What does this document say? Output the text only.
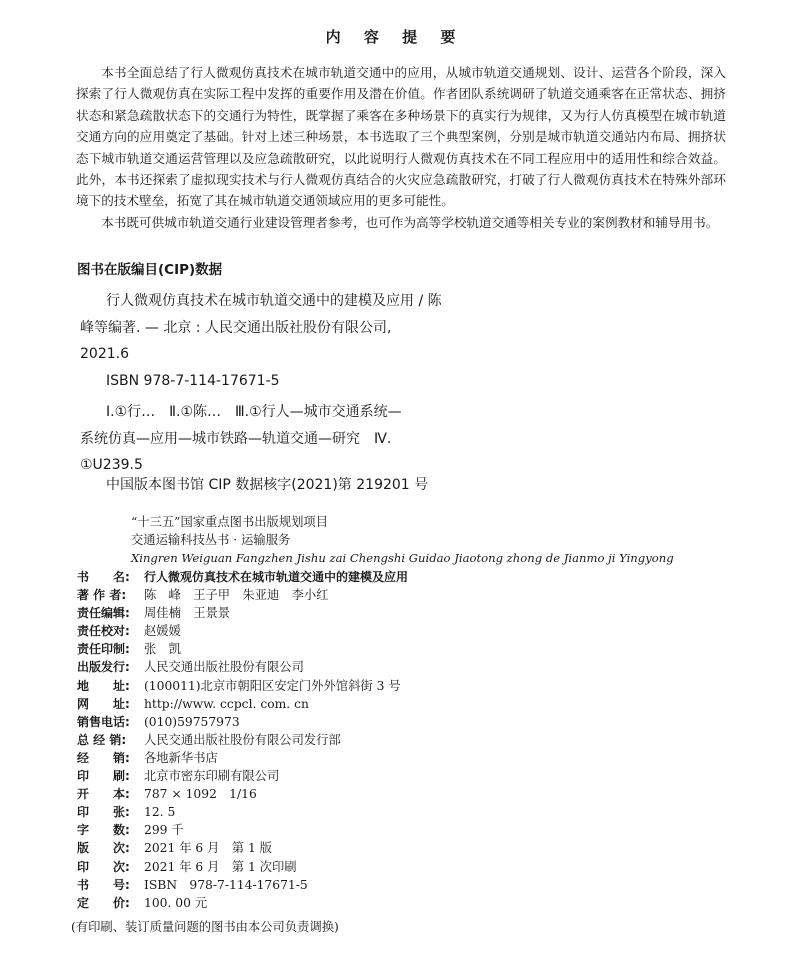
内 容 提 要

本书全面总结了行人微观仿真技术在城市轨道交通中的应用，从城市轨道交通规划、设计、运营各个阶段，深入探索了行人微观仿真在实际工程中发挥的重要作用及潜在价值。作者团队系统调研了轨道交通乘客在正常状态、拥挤状态和紧急疏散状态下的交通行为特性，既掌握了乘客在多种场景下的真实行为规律，又为行人仿真模型在城市轨道交通方向的应用奠定了基础。针对上述三种场景，本书选取了三个典型案例，分别是城市轨道交通站内布局、拥挤状态下城市轨道交通运营管理以及应急疏散研究，以此说明行人微观仿真技术在不同工程应用中的适用性和综合效益。此外，本书还探索了虚拟现实技术与行人微观仿真结合的火灾应急疏散研究，打破了行人微观仿真技术在特殊外部环境下的技术壁垒，拓宽了其在城市轨道交通领域应用的更多可能性。

本书既可供城市轨道交通行业建设管理者参考，也可作为高等学校轨道交通等相关专业的案例教材和辅导用书。

图书在版编目(CIP)数据
行人微观仿真技术在城市轨道交通中的建模及应用 / 陈
峰等编著. — 北京 : 人民交通出版社股份有限公司,
2021.6
ISBN 978-7-114-17671-5
Ⅰ.①行…　Ⅱ.①陈…　Ⅲ.①行人—城市交通系统—
系统仿真—应用—城市铁路—轨道交通—研究　Ⅳ.
①U239.5
中国版本图书馆 CIP 数据核字(2021)第 219201 号
“十三五”国家重点图书出版规划项目
交通运输科技丛书 · 运输服务
Xingren Weiguan Fangzhen Jishu zai Chengshi Guidao Jiaotong zhong de Jianmo ji Yingyong
书　　名:	行人微观仿真技术在城市轨道交通中的建模及应用
著 作 者:	陈　峰　王子甲　朱亚迪　李小红
责任编辑:	周佳楠　王景景
责任校对:	赵媛媛
责任印制:	张　凯
出版发行:	人民交通出版社股份有限公司
地　　址:	(100011)北京市朝阳区安定门外外馆斜街 3 号
网　　址:	http://www. ccpcl. com. cn
销售电话:	(010)59757973
总 经 销:	人民交通出版社股份有限公司发行部
经　　销:	各地新华书店
印　　刷:	北京市密东印刷有限公司
开　　本:	787 × 1092　1/16
印　　张:	12. 5
字　　数:	299 千
版　　次:	2021 年 6 月　第 1 版
印　　次:	2021 年 6 月　第 1 次印刷
书　　号:	ISBN　978-7-114-17671-5
定　　价:	100. 00 元
(有印刷、装订质量问题的图书由本公司负责调换)
